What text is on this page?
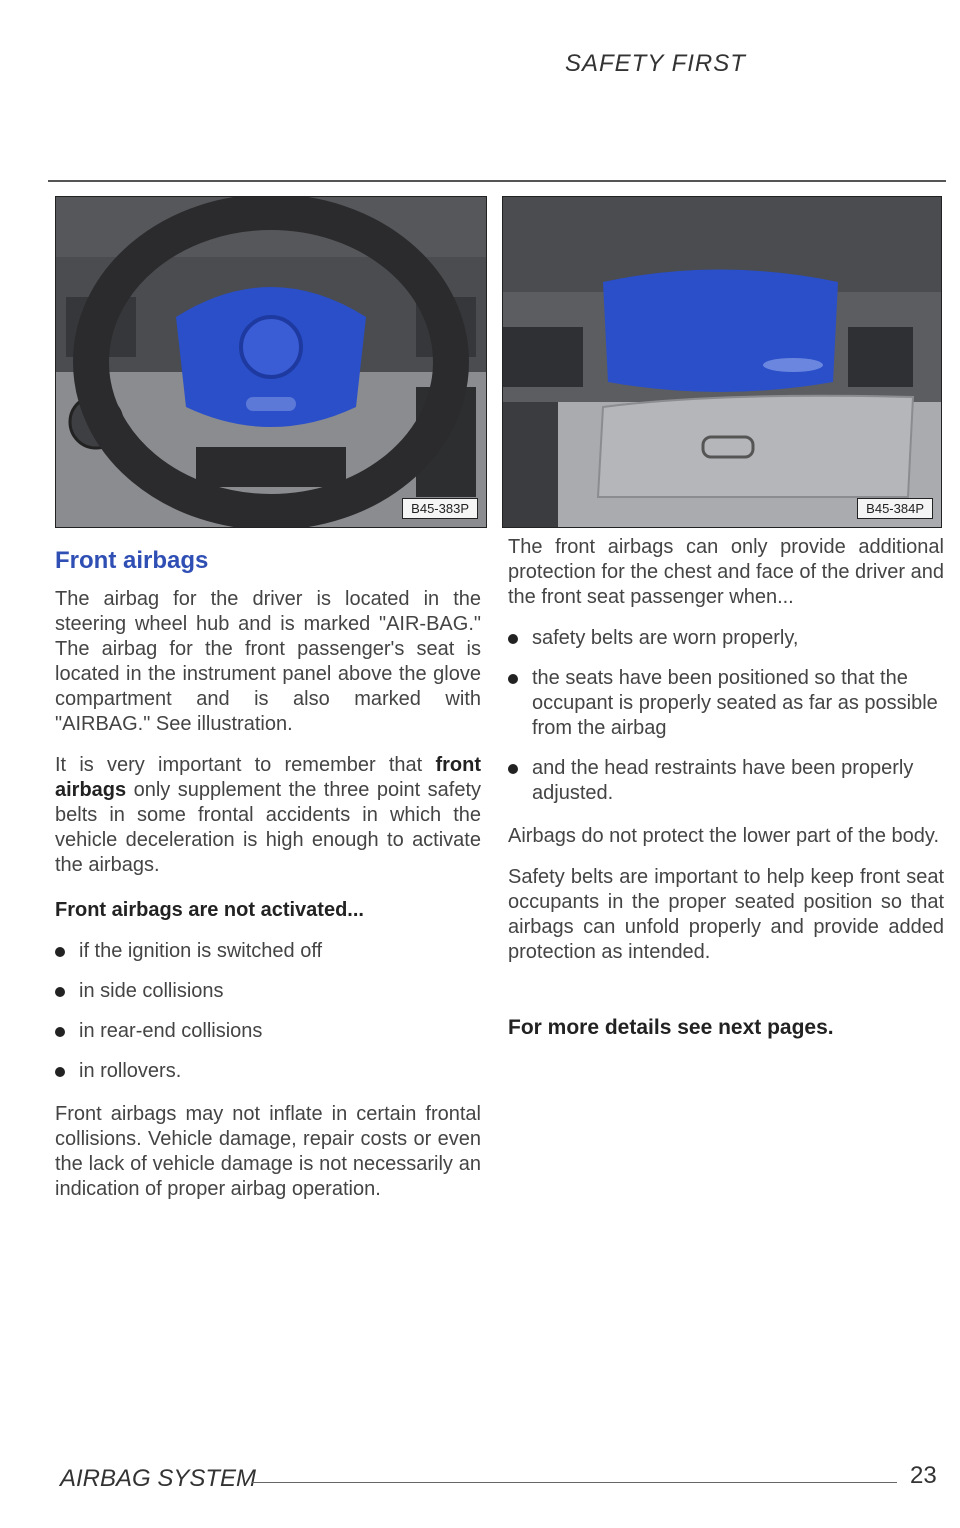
SAFETY FIRST
B45-383P	B45-384P
Front airbags

The airbag for the driver is located in the steering wheel hub and is marked "AIR-BAG." The airbag for the front passenger's seat is located in the instrument panel above the glove compartment and is also marked with "AIRBAG." See illustration.

It is very important to remember that front airbags only supplement the three point safety belts in some frontal accidents in which the vehicle deceleration is high enough to activate the airbags.

Front airbags are not activated...
if the ignition is switched off
in side collisions
in rear-end collisions
in rollovers.

Front airbags may not inflate in certain frontal collisions. Vehicle damage, repair costs or even the lack of vehicle damage is not necessarily an indication of proper airbag operation.

The front airbags can only provide additional protection for the chest and face of the driver and the front seat passenger when...

safety belts are worn properly,
the seats have been positioned so that the occupant is properly seated as far as possible from the airbag
and the head restraints have been properly adjusted.

Airbags do not protect the lower part of the body.

Safety belts are important to help keep front seat occupants in the proper seated position so that airbags can unfold properly and provide added protection as intended.

For more details see next pages.
AIRBAG SYSTEM	23
